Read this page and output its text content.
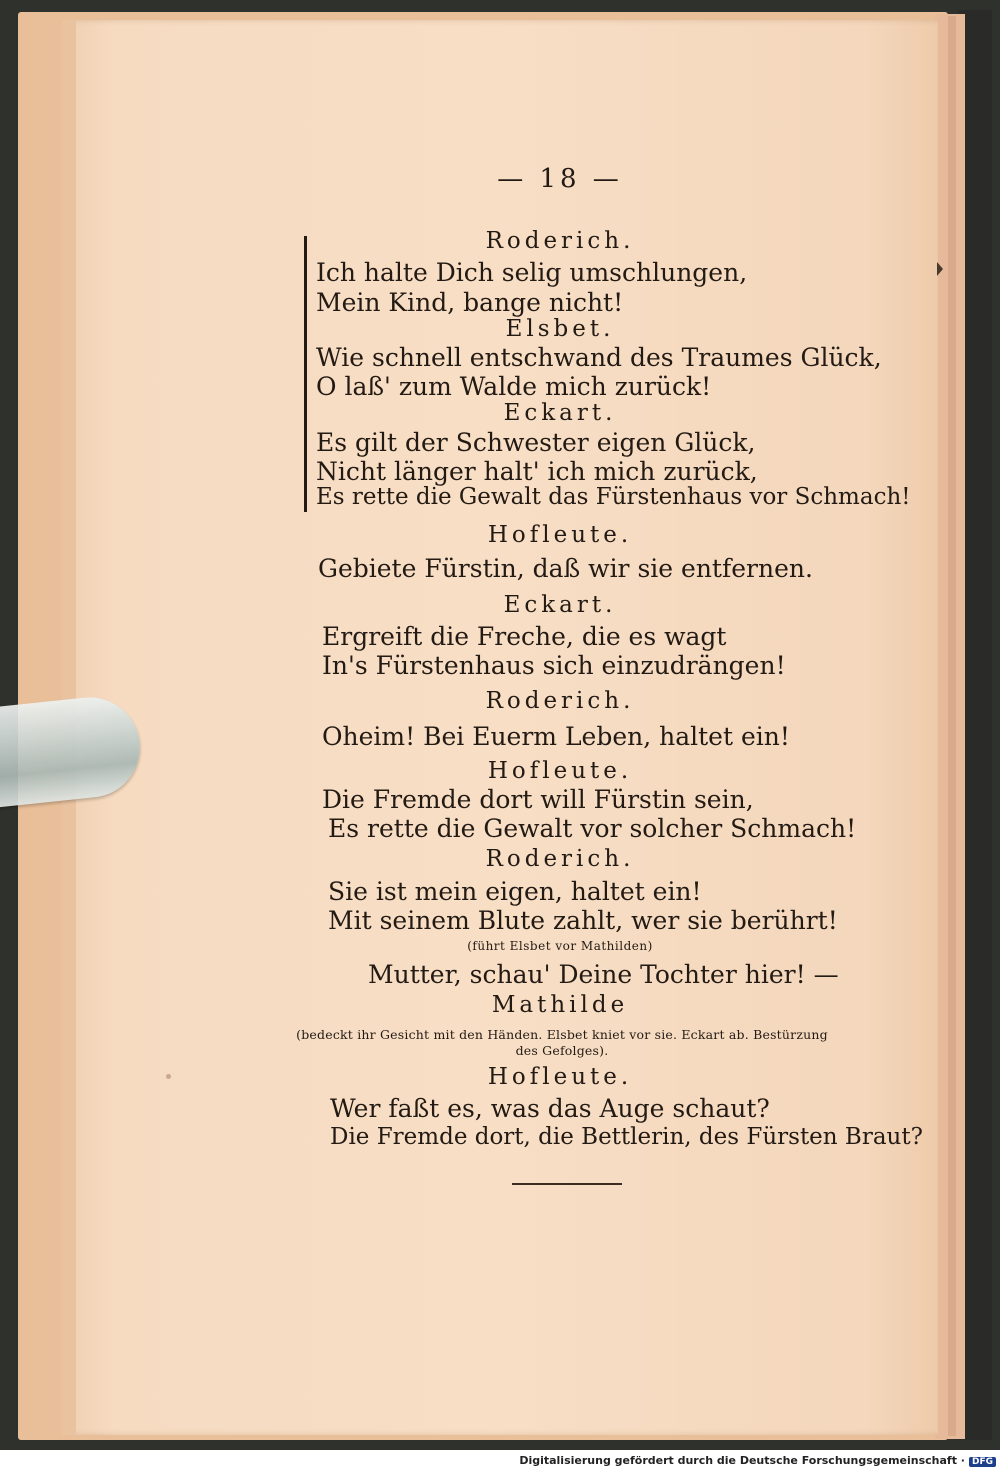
— 18 —
Roderich.
Ich halte Dich selig umschlungen,
Mein Kind, bange nicht!
Elsbet.
Wie schnell entschwand des Traumes Glück,
O laß' zum Walde mich zurück!
Eckart.
Es gilt der Schwester eigen Glück,
Nicht länger halt' ich mich zurück,
Es rette die Gewalt das Fürstenhaus vor Schmach!
Hofleute.
Gebiete Fürstin, daß wir sie entfernen.
Eckart.
Ergreift die Freche, die es wagt
In's Fürstenhaus sich einzudrängen!
Roderich.
Oheim! Bei Euerm Leben, haltet ein!
Hofleute.
Die Fremde dort will Fürstin sein,
Es rette die Gewalt vor solcher Schmach!
Roderich.
Sie ist mein eigen, haltet ein!
Mit seinem Blute zahlt, wer sie berührt!
(führt Elsbet vor Mathilden)
Mutter, schau' Deine Tochter hier! —
Mathilde
(bedeckt ihr Gesicht mit den Händen. Elsbet kniet vor sie. Eckart ab. Bestürzung
des Gefolges).
Hofleute.
Wer faßt es, was das Auge schaut?
Die Fremde dort, die Bettlerin, des Fürsten Braut?
Digitalisierung gefördert durch die Deutsche Forschungsgemeinschaft · DFG
